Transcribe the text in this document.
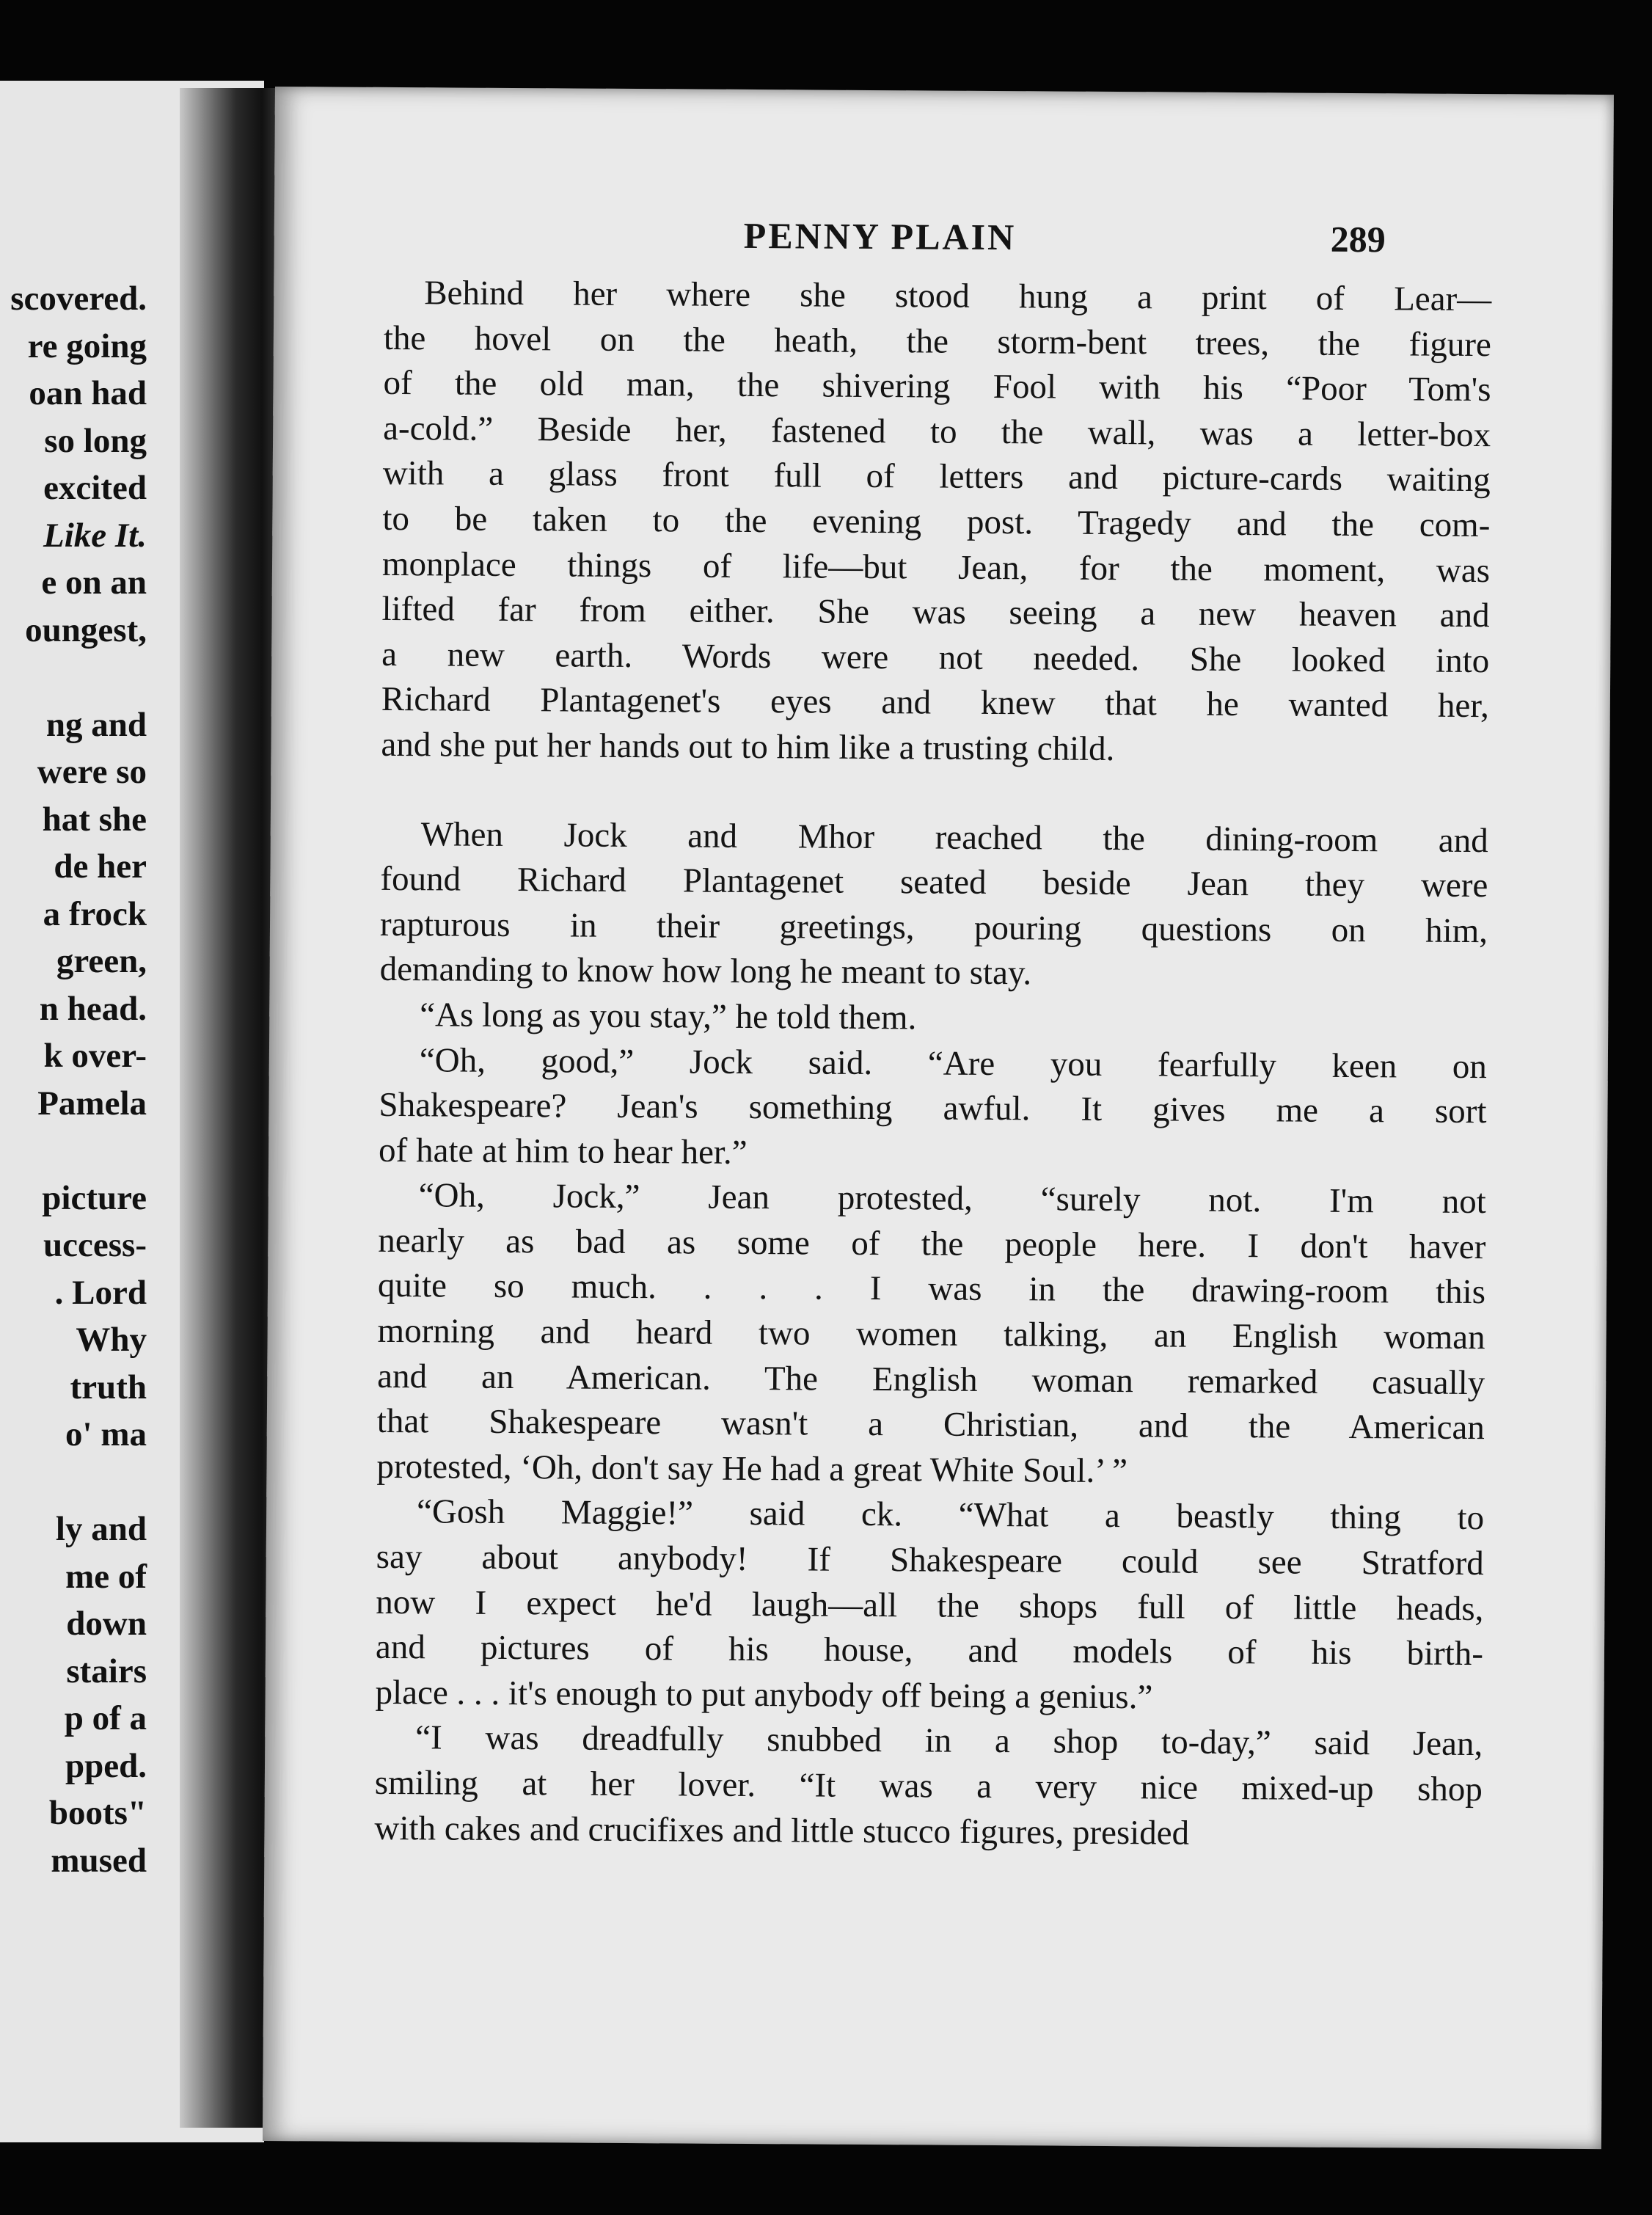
scovered.
re going
oan had
so long
excited
Like It.
e on an
oungest,
ng and
were so
hat she
de her
a frock
green,
n head.
k over-
Pamela
picture
uccess-
. Lord
Why
truth
o' ma
ly and
me of
down
stairs
p of a
pped.
boots"
mused
PENNY PLAIN	289
Behind her where she stood hung a print of Lear—
the hovel on the heath, the storm-bent trees, the figure
of the old man, the shivering Fool with his “Poor Tom's
a-cold.” Beside her, fastened to the wall, was a letter-box
with a glass front full of letters and picture-cards waiting
to be taken to the evening post. Tragedy and the com-
monplace things of life—but Jean, for the moment, was
lifted far from either. She was seeing a new heaven and
a new earth. Words were not needed. She looked into
Richard Plantagenet's eyes and knew that he wanted her,
and she put her hands out to him like a trusting child.
When Jock and Mhor reached the dining-room and
found Richard Plantagenet seated beside Jean they were
rapturous in their greetings, pouring questions on him,
demanding to know how long he meant to stay.
“As long as you stay,” he told them.
“Oh, good,” Jock said. “Are you fearfully keen on
Shakespeare? Jean's something awful. It gives me a sort
of hate at him to hear her.”
“Oh, Jock,” Jean protested, “surely not. I'm not
nearly as bad as some of the people here. I don't haver
quite so much. . . . I was in the drawing-room this
morning and heard two women talking, an English woman
and an American. The English woman remarked casually
that Shakespeare wasn't a Christian, and the American
protested, ‘Oh, don't say He had a great White Soul.’ ”
“Gosh Maggie!” said ck. “What a beastly thing to
say about anybody! If Shakespeare could see Stratford
now I expect he'd laugh—all the shops full of little heads,
and pictures of his house, and models of his birth-
place . . . it's enough to put anybody off being a genius.”
“I was dreadfully snubbed in a shop to-day,” said Jean,
smiling at her lover. “It was a very nice mixed-up shop
with cakes and crucifixes and little stucco figures, presided
